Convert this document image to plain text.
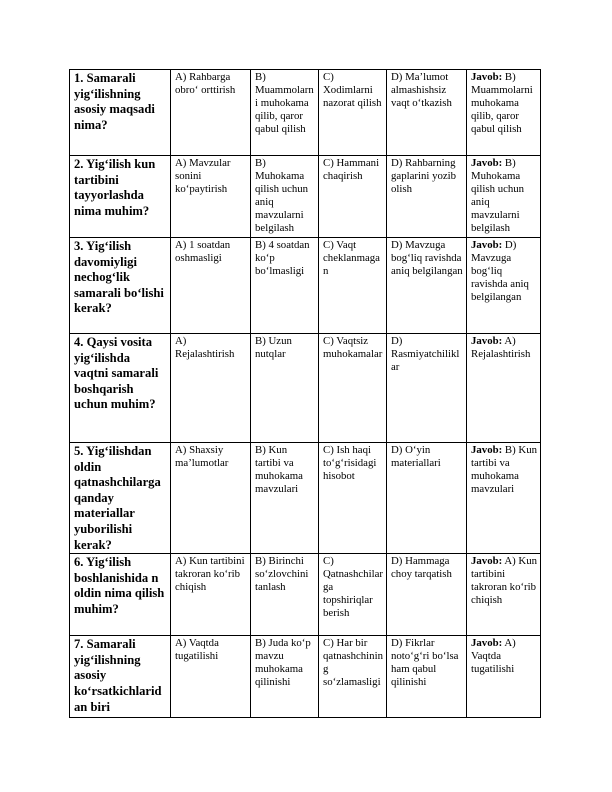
1. Samarali yig‘ilishning asosiy maqsadi nima?	A) Rahbarga obro‘ orttirish	B) Muammolarni muhokama qilib, qaror qabul qilish	C) Xodimlarni nazorat qilish	D) Ma’lumot almashishsiz vaqt o‘tkazish	Javob: B) Muammolarni muhokama qilib, qaror qabul qilish
2. Yig‘ilish kun tartibini tayyorlashda nima muhim?	A) Mavzular sonini ko‘paytirish	B) Muhokama qilish uchun aniq mavzularni belgilash	C) Hammani chaqirish	D) Rahbarning gaplarini yozib olish	Javob: B) Muhokama qilish uchun aniq mavzularni belgilash
3. Yig‘ilish davomiyligi nechog‘lik samarali bo‘lishi kerak?	A) 1 soatdan oshmasligi	B) 4 soatdan ko‘p bo‘lmasligi	C) Vaqt cheklanmagan	D) Mavzuga bog‘liq ravishda aniq belgilangan	Javob: D) Mavzuga bog‘liq ravishda aniq belgilangan
4. Qaysi vosita yig‘ilishda vaqtni samarali boshqarish uchun muhim?	A) Rejalashtirish	B) Uzun nutqlar	C) Vaqtsiz muhokamalar	D) Rasmiyatchiliklar	Javob: A) Rejalashtirish
5. Yig‘ilishdan oldin qatnashchilarga qanday materiallar yuborilishi kerak?	A) Shaxsiy ma’lumotlar	B) Kun tartibi va muhokama mavzulari	C) Ish haqi to‘g‘risidagi hisobot	D) O‘yin materiallari	Javob: B) Kun tartibi va muhokama mavzulari
6. Yig‘ilish boshlanishida n oldin nima qilish muhim?	A) Kun tartibini takroran ko‘rib chiqish	B) Birinchi so‘zlovchini tanlash	C) Qatnashchilarga topshiriqlar berish	D) Hammaga choy tarqatish	Javob: A) Kun tartibini takroran ko‘rib chiqish
7. Samarali yig‘ilishning asosiy ko‘rsatkichlaridan biri	A) Vaqtda tugatilishi	B) Juda ko‘p mavzu muhokama qilinishi	C) Har bir qatnashchining so‘zlamasligi	D) Fikrlar noto‘g‘ri bo‘lsa ham qabul qilinishi	Javob: A) Vaqtda tugatilishi
